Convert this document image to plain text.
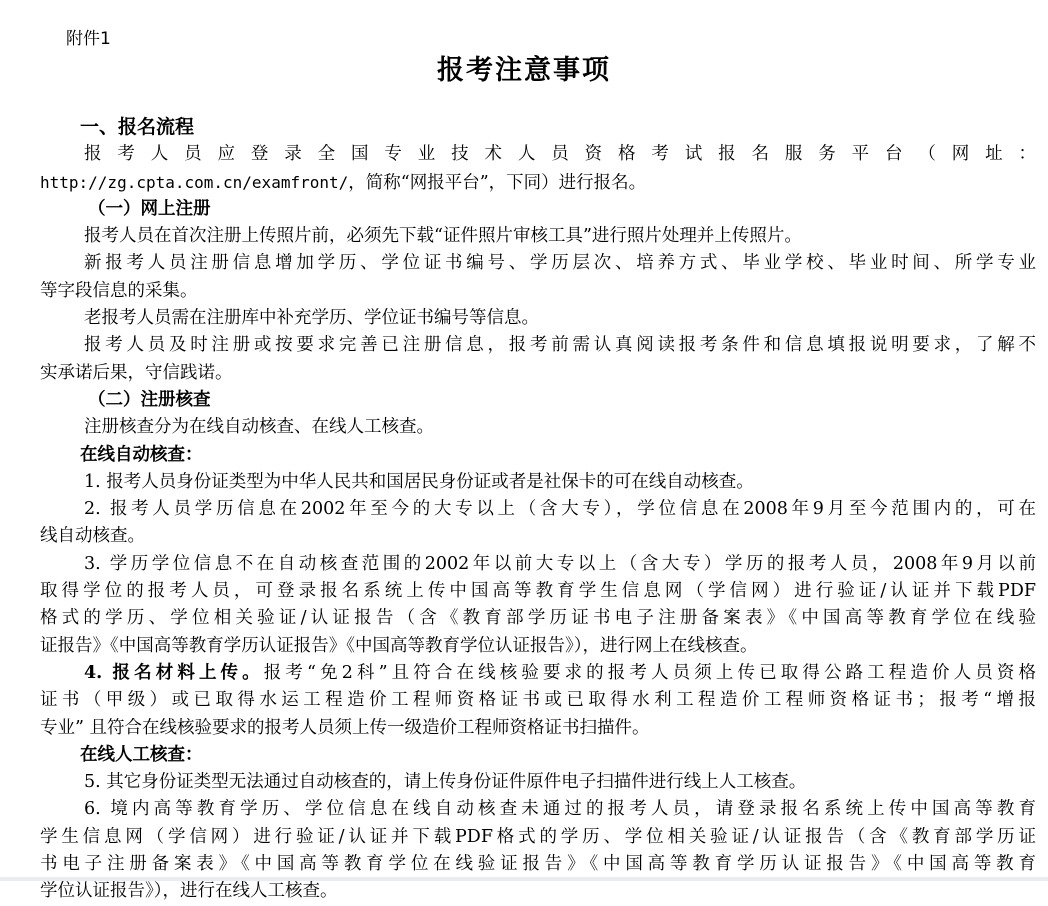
附件1
报考注意事项
一、报名流程
报考人员应登录全国专业技术人员资格考试报名服务平台（网址：
http://zg.cpta.com.cn/examfront/，简称“网报平台”，下同）进行报名。
（一）网上注册
报考人员在首次注册上传照片前，必须先下载“证件照片审核工具”进行照片处理并上传照片。
新报考人员注册信息增加学历、学位证书编号、学历层次、培养方式、毕业学校、毕业时间、所学专业
等字段信息的采集。
老报考人员需在注册库中补充学历、学位证书编号等信息。
报考人员及时注册或按要求完善已注册信息，报考前需认真阅读报考条件和信息填报说明要求，了解不
实承诺后果，守信践诺。
（二）注册核查
注册核查分为在线自动核查、在线人工核查。
在线自动核查：
1. 报考人员身份证类型为中华人民共和国居民身份证或者是社保卡的可在线自动核查。
2. 报考人员学历信息在2002年至今的大专以上（含大专），学位信息在2008年9月至今范围内的，可在
线自动核查。
3. 学历学位信息不在自动核查范围的2002年以前大专以上（含大专）学历的报考人员，2008年9月以前
取得学位的报考人员，可登录报名系统上传中国高等教育学生信息网（学信网）进行验证/认证并下载PDF
格式的学历、学位相关验证/认证报告（含《教育部学历证书电子注册备案表》《中国高等教育学位在线验
证报告》《中国高等教育学历认证报告》《中国高等教育学位认证报告》），进行网上在线核查。
4. 报名材料上传。报考“免2科”且符合在线核验要求的报考人员须上传已取得公路工程造价人员资格
证书（甲级）或已取得水运工程造价工程师资格证书或已取得水利工程造价工程师资格证书；报考“增报
专业” 且符合在线核验要求的报考人员须上传一级造价工程师资格证书扫描件。
在线人工核查：
5. 其它身份证类型无法通过自动核查的，请上传身份证件原件电子扫描件进行线上人工核查。
6. 境内高等教育学历、学位信息在线自动核查未通过的报考人员，请登录报名系统上传中国高等教育
学生信息网（学信网）进行验证/认证并下载PDF格式的学历、学位相关验证/认证报告（含《教育部学历证
书电子注册备案表》《中国高等教育学位在线验证报告》《中国高等教育学历认证报告》《中国高等教育
学位认证报告》），进行在线人工核查。
